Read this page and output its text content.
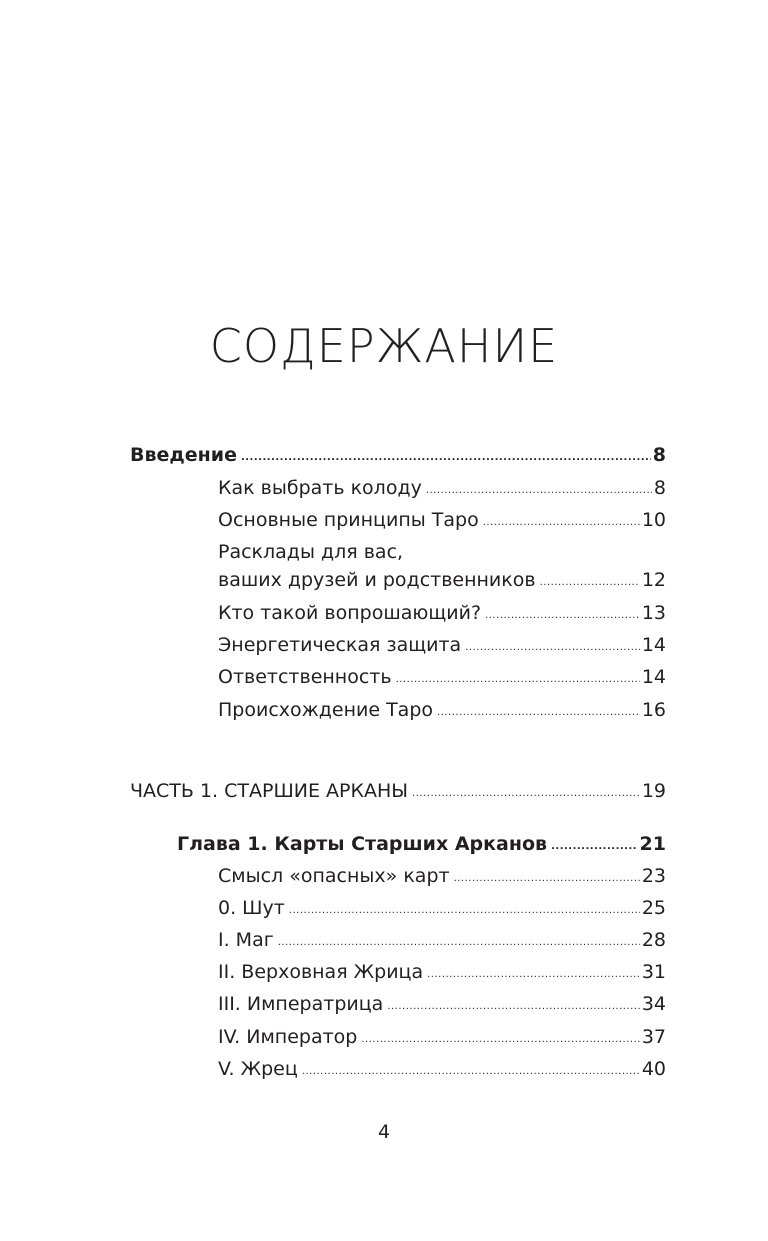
СОДЕРЖАНИЕ
Введение .....	8
Как выбрать колоду .....	8
Основные принципы Таро .....	10
Расклады для вас,
ваших друзей и родственников .....	12
Кто такой вопрошающий? .....	13
Энергетическая защита .....	14
Ответственность .....	14
Происхождение Таро .....	16
ЧАСТЬ 1. СТАРШИЕ АРКАНЫ .....	19
Глава 1. Карты Старших Арканов .....	21
Смысл «опасных» карт .....	23
0. Шут .....	25
I. Маг .....	28
II. Верховная Жрица .....	31
III. Императрица .....	34
IV. Император .....	37
V. Жрец .....	40
4
